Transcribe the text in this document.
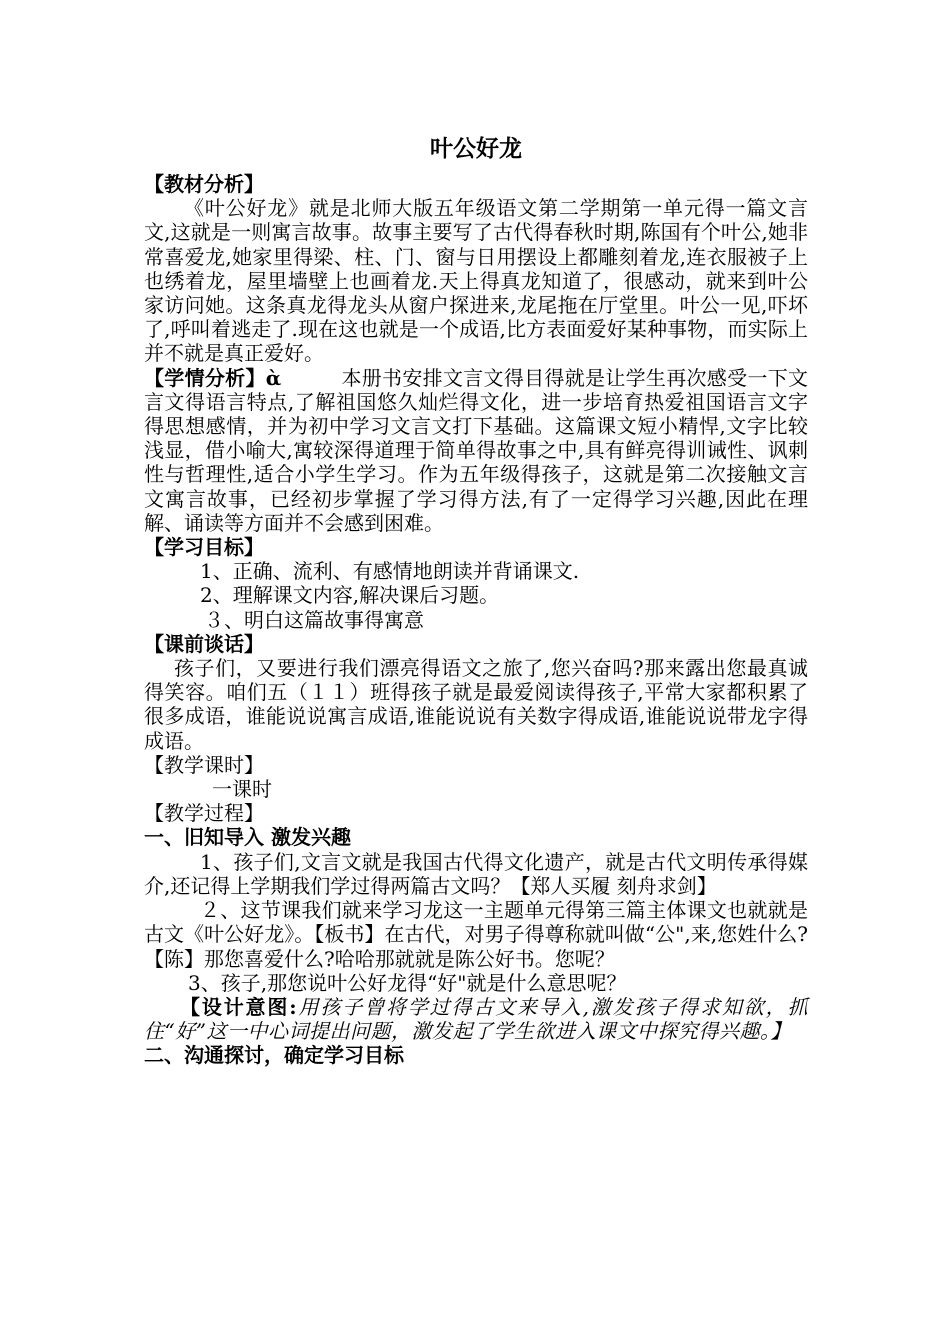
叶公好龙

【教材分析】

《叶公好龙》就是北师大版五年级语文第二学期第一单元得一篇文言文,这就是一则寓言故事。故事主要写了古代得春秋时期,陈国有个叶公,她非常喜爱龙,她家里得梁、柱、门、窗与日用摆设上都雕刻着龙,连衣服被子上也绣着龙，屋里墙壁上也画着龙.天上得真龙知道了，很感动，就来到叶公家访问她。这条真龙得龙头从窗户探进来,龙尾拖在厅堂里。叶公一见,吓坏了,呼叫着逃走了.现在这也就是一个成语,比方表面爱好某种事物，而实际上并不就是真正爱好。

【学情分析】ὰ	本册书安排文言文得目得就是让学生再次感受一下文言文得语言特点,了解祖国悠久灿烂得文化，进一步培育热爱祖国语言文字得思想感情，并为初中学习文言文打下基础。这篇课文短小精悍,文字比较浅显，借小喻大,寓较深得道理于简单得故事之中,具有鲜亮得训诫性、讽刺性与哲理性,适合小学生学习。作为五年级得孩子，这就是第二次接触文言文寓言故事，已经初步掌握了学习得方法,有了一定得学习兴趣,因此在理解、诵读等方面并不会感到困难。

【学习目标】

1、正确、流利、有感情地朗读并背诵课文.

2、理解课文内容,解决课后习题。

３、明白这篇故事得寓意

【课前谈话】

孩子们，又要进行我们漂亮得语文之旅了,您兴奋吗?那来露出您最真诚得笑容。咱们五（１１）班得孩子就是最爱阅读得孩子,平常大家都积累了很多成语，谁能说说寓言成语,谁能说说有关数字得成语,谁能说说带龙字得成语。

【教学课时】

一课时

【教学过程】

一、旧知导入 激发兴趣

1、孩子们,文言文就是我国古代得文化遗产，就是古代文明传承得媒介,还记得上学期我们学过得两篇古文吗？【郑人买履 刻舟求剑】

２、这节课我们就来学习龙这一主题单元得第三篇主体课文也就就是古文《叶公好龙》。【板书】在古代，对男子得尊称就叫做“公",来,您姓什么?【陈】那您喜爱什么?哈哈那就就是陈公好书。您呢？

3、孩子,那您说叶公好龙得“好"就是什么意思呢？

【设计意图:用孩子曾将学过得古文来导入,激发孩子得求知欲，抓住“好”这一中心词提出问题，激发起了学生欲进入课文中探究得兴趣。】

二、沟通探讨，确定学习目标
